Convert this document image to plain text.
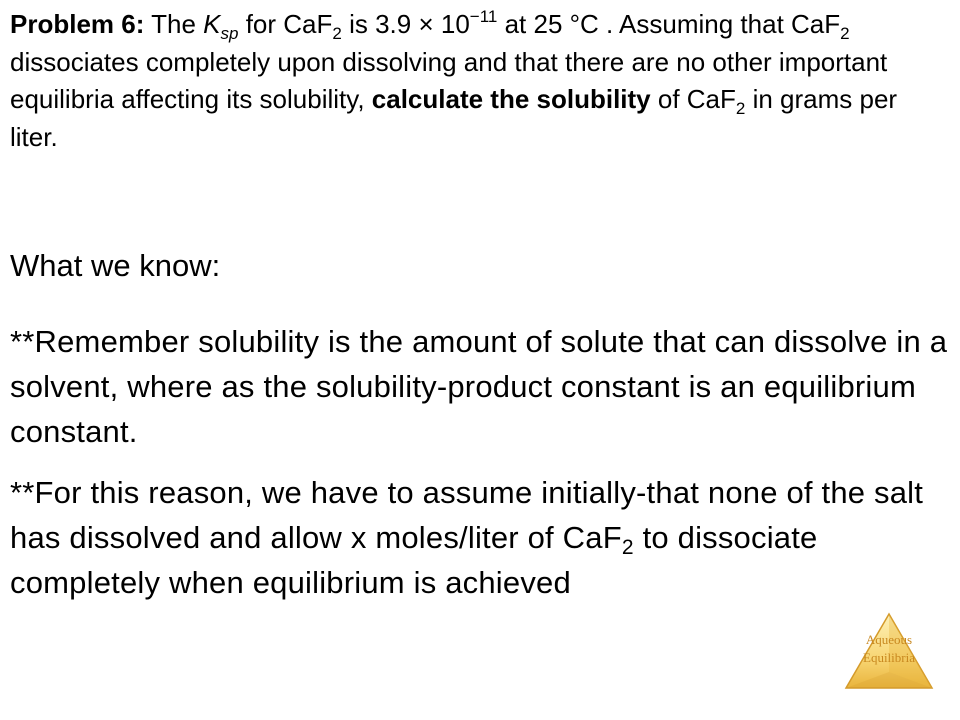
Problem 6: The $K_{sp}$ for CaF$_2$ is $3.9 \times 10^{-11}$ at 25 °C . Assuming that CaF$_2$ dissociates completely upon dissolving and that there are no other important equilibria affecting its solubility, calculate the solubility of CaF$_2$ in grams per liter.

What we know:

**Remember solubility is the amount of solute that can dissolve in a solvent, where as the solubility-product constant is an equilibrium constant.

**For this reason, we have to assume initially-that none of the salt has dissolved and allow x moles/liter of CaF$_2$ to dissociate completely when equilibrium is achieved

Aqueous
Equilibria
